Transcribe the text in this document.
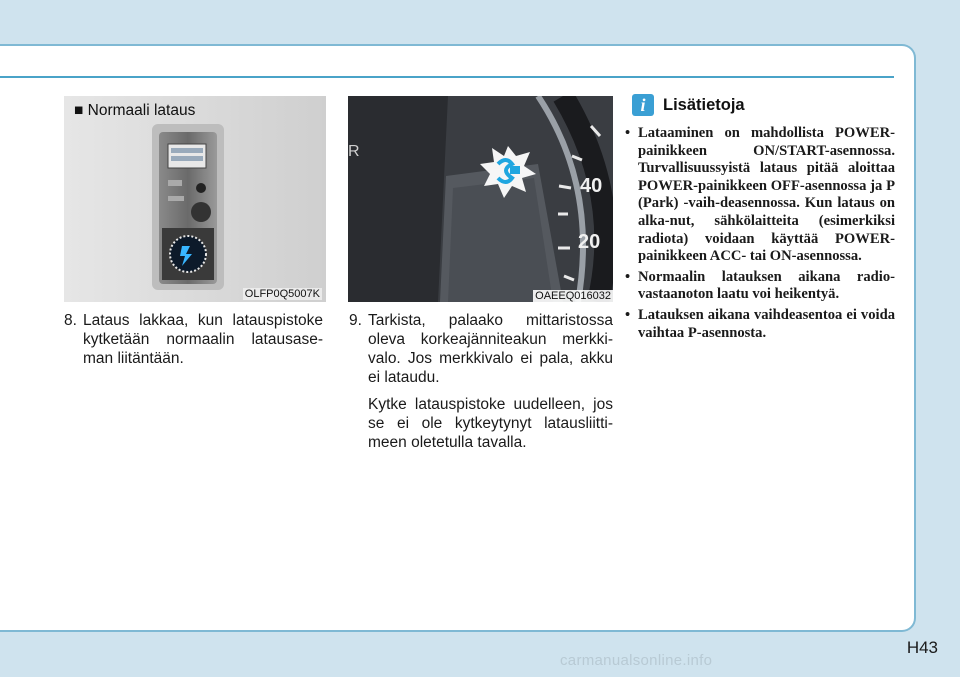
■ Normaali lataus
OLFP0Q5007K
40
20
R
OAEEQ016032
8. Lataus lakkaa, kun latauspistoke kytketään normaalin latausase-man liitäntään.

9. Tarkista, palaako mittaristossa oleva korkeajänniteakun merkki-valo. Jos merkkivalo ei pala, akku ei lataudu.

Kytke latauspistoke uudelleen, jos se ei ole kytkeytynyt latausliitti-meen oletetulla tavalla.

i	Lisätietoja
• Lataaminen on mahdollista POWER-painikkeen ON/START-asennossa. Turvallisuussyistä lataus pitää aloittaa POWER-painikkeen OFF-asennossa ja P (Park) -vaih-deasennossa. Kun lataus on alka-nut, sähkölaitteita (esimerkiksi radiota) voidaan käyttää POWER-painikkeen ACC- tai ON-asennossa.
• Normaalin latauksen aikana radio-vastaanoton laatu voi heikentyä.
• Latauksen aikana vaihdeasentoa ei voida vaihtaa P-asennosta.
H43
carmanualsonline.info
